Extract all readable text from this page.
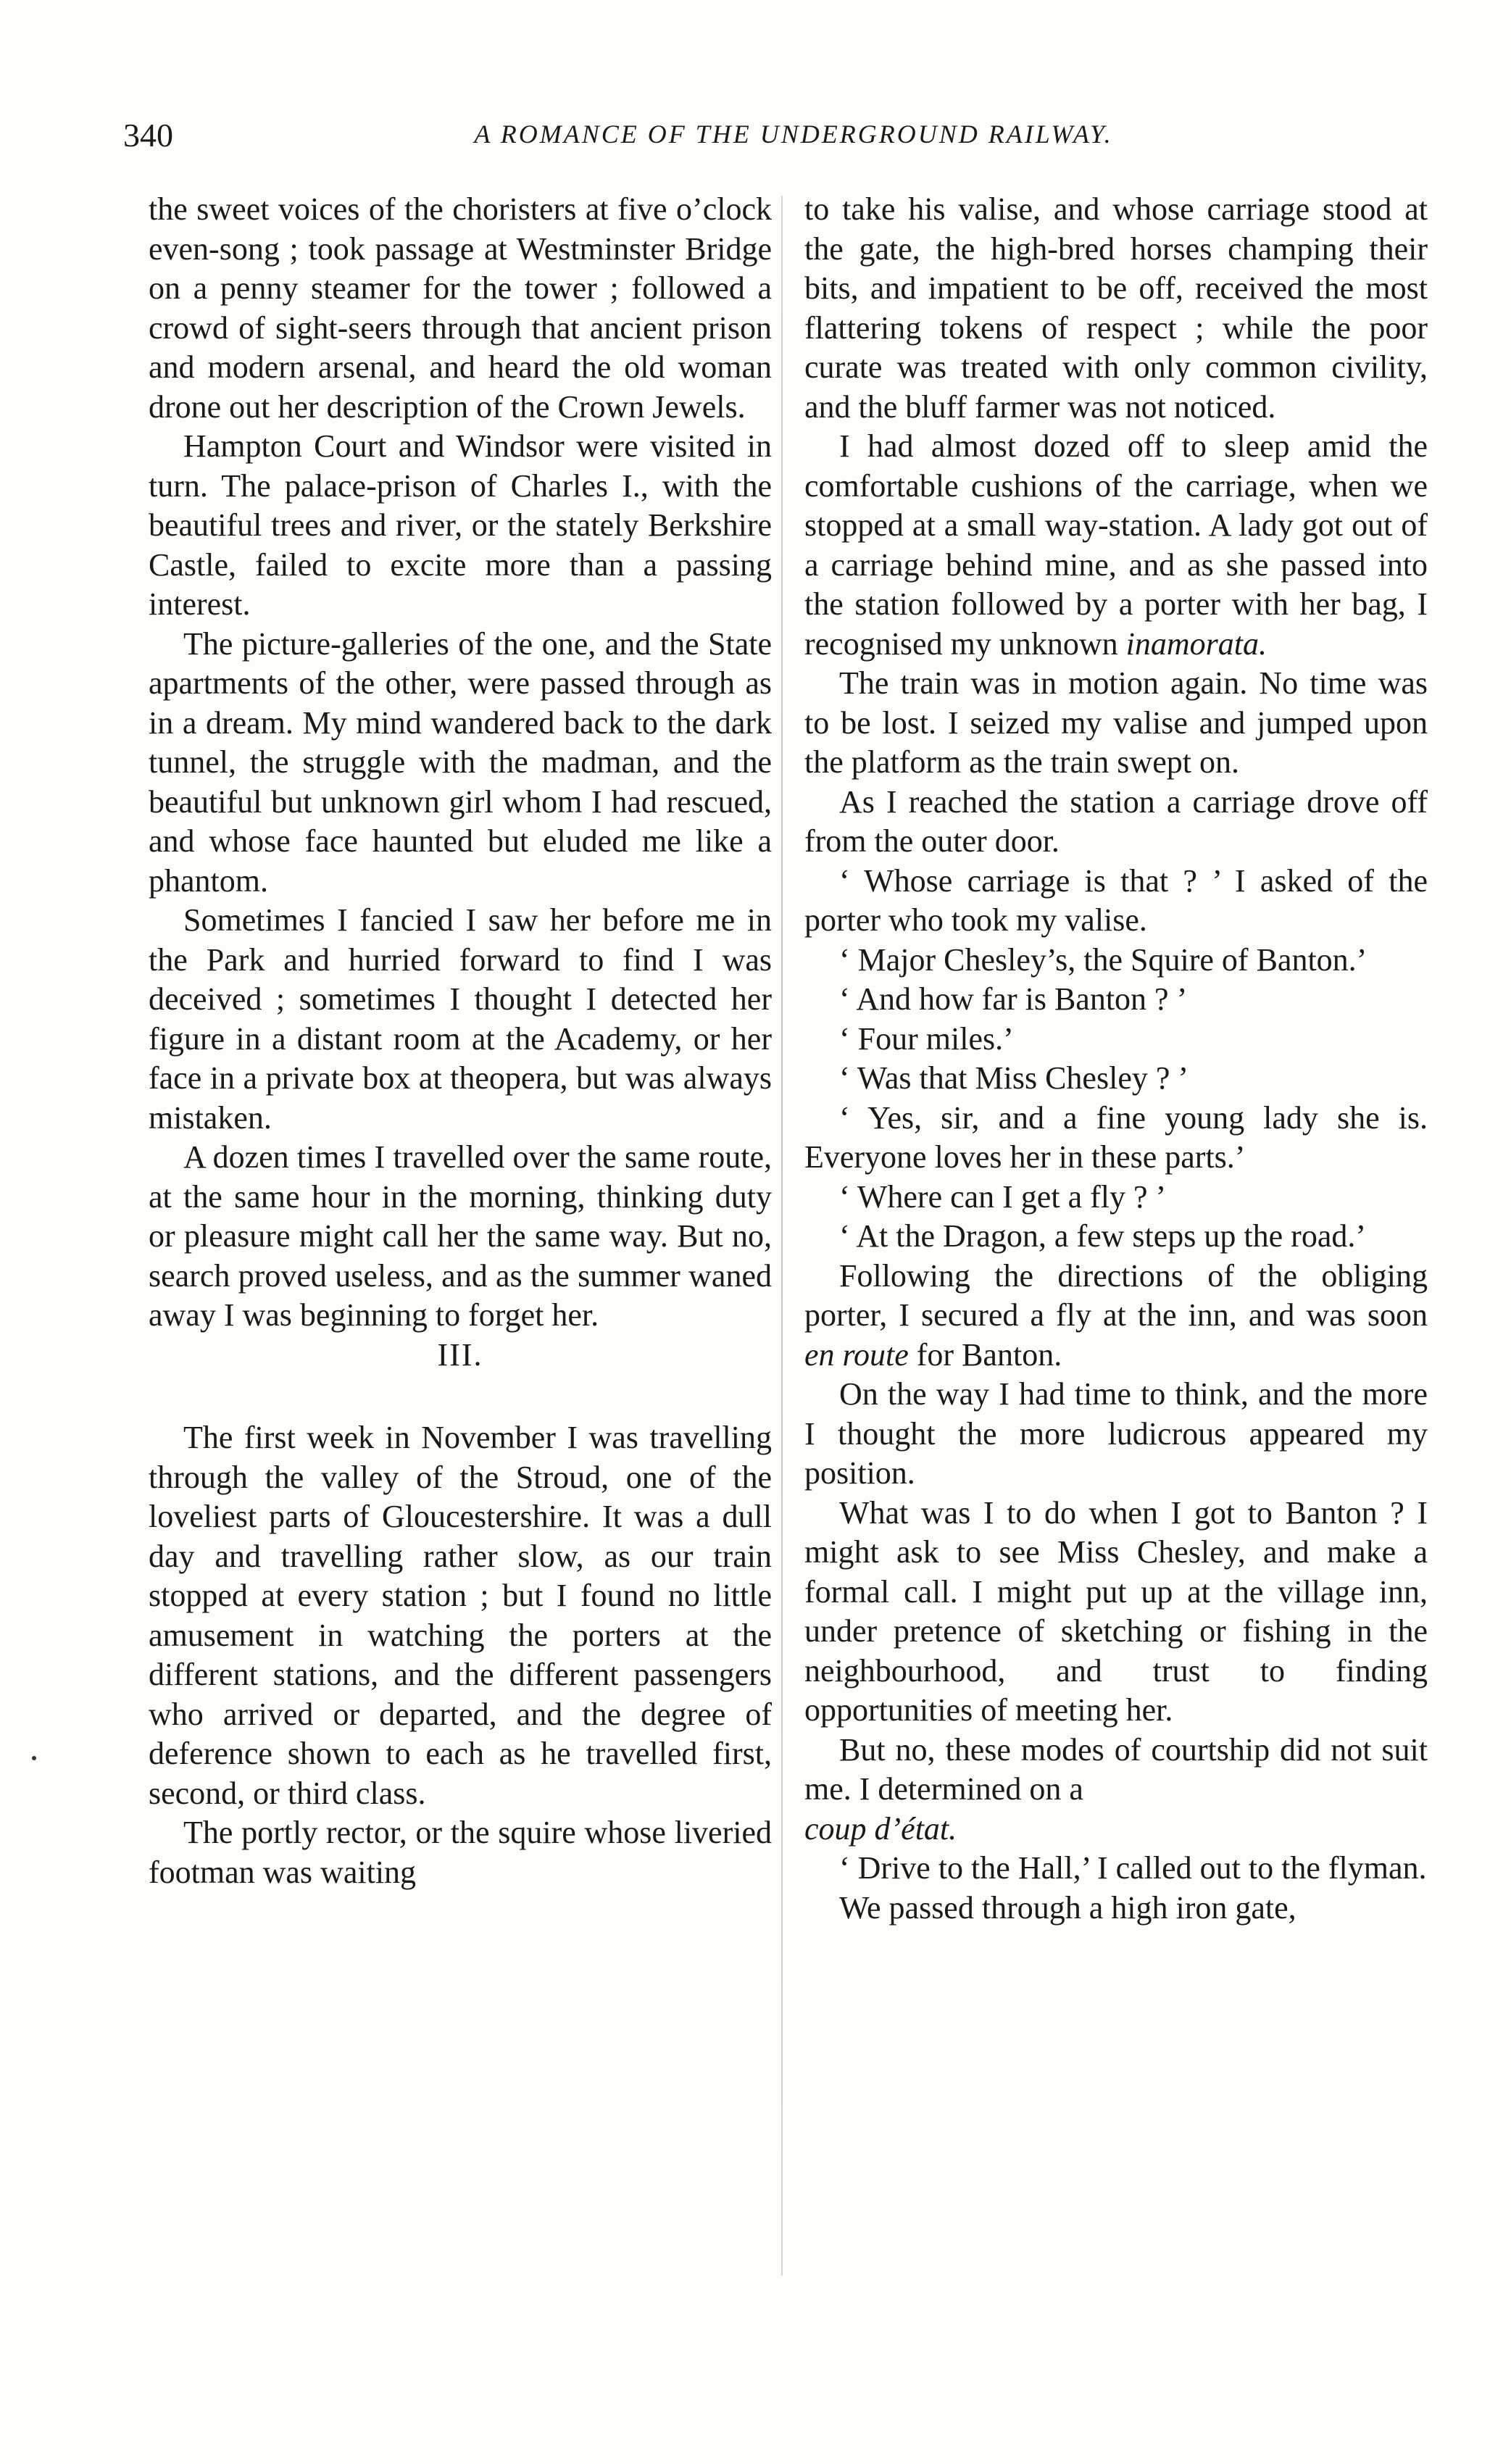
340	A ROMANCE OF THE UNDERGROUND RAILWAY.

the sweet voices of the choristers at five o’clock even-song ; took passage at Westminster Bridge on a penny steamer for the tower ; followed a crowd of sight-seers through that ancient prison and modern arsenal, and heard the old woman drone out her description of the Crown Jewels.

Hampton Court and Windsor were visited in turn. The palace-prison of Charles I., with the beautiful trees and river, or the stately Berkshire Castle, failed to excite more than a passing interest.

The picture-galleries of the one, and the State apartments of the other, were passed through as in a dream. My mind wandered back to the dark tunnel, the struggle with the madman, and the beautiful but unknown girl whom I had rescued, and whose face haunted but eluded me like a phantom.

Sometimes I fancied I saw her before me in the Park and hurried forward to find I was deceived ; sometimes I thought I detected her figure in a distant room at the Academy, or her face in a private box at theopera, but was always mistaken.

A dozen times I travelled over the same route, at the same hour in the morning, thinking duty or pleasure might call her the same way. But no, search proved useless, and as the summer waned away I was beginning to forget her.

III.

The first week in November I was travelling through the valley of the Stroud, one of the loveliest parts of Gloucestershire. It was a dull day and travelling rather slow, as our train stopped at every station ; but I found no little amusement in watching the porters at the different stations, and the different passengers who arrived or departed, and the degree of deference shown to each as he travelled first, second, or third class.

The portly rector, or the squire whose liveried footman was waiting

to take his valise, and whose carriage stood at the gate, the high-bred horses champing their bits, and impatient to be off, received the most flattering tokens of respect ; while the poor curate was treated with only common civility, and the bluff farmer was not noticed.

I had almost dozed off to sleep amid the comfortable cushions of the carriage, when we stopped at a small way-station. A lady got out of a carriage behind mine, and as she passed into the station followed by a porter with her bag, I recognised my unknown inamorata.

The train was in motion again. No time was to be lost. I seized my valise and jumped upon the platform as the train swept on.

As I reached the station a carriage drove off from the outer door.

‘ Whose carriage is that ? ’ I asked of the porter who took my valise.

‘ Major Chesley’s, the Squire of Banton.’

‘ And how far is Banton ? ’

‘ Four miles.’

‘ Was that Miss Chesley ? ’

‘ Yes, sir, and a fine young lady she is. Everyone loves her in these parts.’

‘ Where can I get a fly ? ’

‘ At the Dragon, a few steps up the road.’

Following the directions of the obliging porter, I secured a fly at the inn, and was soon en route for Banton.

On the way I had time to think, and the more I thought the more ludicrous appeared my position.

What was I to do when I got to Banton ? I might ask to see Miss Chesley, and make a formal call. I might put up at the village inn, under pretence of sketching or fishing in the neighbourhood, and trust to finding opportunities of meeting her.

But no, these modes of courtship did not suit me. I determined on a
coup d’état.

‘ Drive to the Hall,’ I called out to the flyman.

We passed through a high iron gate,
